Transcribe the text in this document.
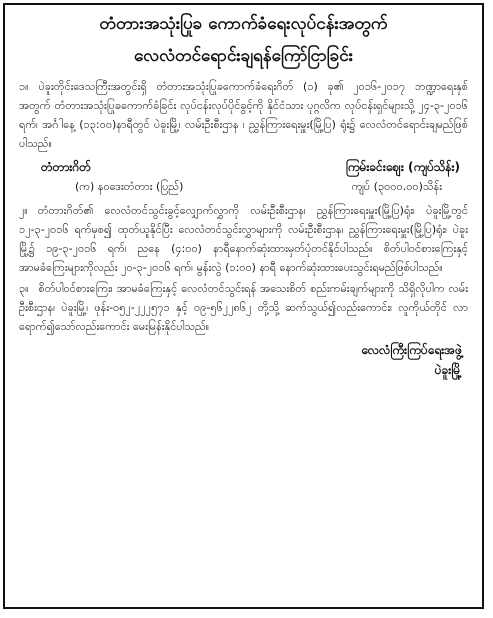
တံတားအသုံးပြုခ ကောက်ခံရေးလုပ်ငန်းအတွက်
လေလံတင်ရောင်းချရန်ကြော်ငြာခြင်း

၁။ ပဲခူးတိုင်းဒေသကြီးအတွင်းရှိ တံတားအသုံးပြုခကောက်ခံရေးဂိတ် (၁) ခု၏ ၂၀၁၆-၂၀၁၇ ဘဏ္ဍာရေးနှစ်အတွက် တံတားအသုံးပြုခကောက်ခံခြင်း လုပ်ငန်းလုပ်ပိုင်ခွင့်ကို နိုင်ငံသား ပုဂ္ဂလိက လုပ်ငန်းရှင်များသို့ ၂၄-၃-၂၀၁၆ ရက်၊ အင်္ဂါနေ့ (၁၃:၀၀)နာရီတွင် ပဲခူးမြို့၊ လမ်းဦးစီးဌာန ၊ ညွှန်ကြားရေးမှူး(မြို့ပြ) ရုံး၌ လေလံတင်ရောင်းချမည်ဖြစ်ပါသည်။

တံတားဂိတ်	ကြမ်းခင်းဈေး (ကျပ်သိန်း)
(က) နဝဒေးတံတား (ပြည်)	ကျပ် (၃၀၀၀.၀၀)သိန်း

၂။ တံတားဂိတ်၏ လေလံတင်သွင်းခွင့်လျှောက်လွှာကို လမ်းဦးစီးဌာန၊ ညွှန်ကြားရေးမှူး(မြို့ပြ)ရုံး၊ ပဲခူးမြို့တွင် ၁၂-၃-၂၀၁၆ ရက်မှစ၍ ထုတ်ယူနိုင်ပြီး လေလံတင်သွင်းလွှာများကို လမ်းဦးစီးဌာန၊ ညွှန်ကြားရေးမှူး(မြို့ပြ)ရုံး၊ ပဲခူးမြို့၌ ၁၉-၃-၂၀၁၆ ရက်၊ ညနေ (၄:၀၀) နာရီနောက်ဆုံးထားမှတ်ပုံတင်နိုင်ပါသည်။ စိတ်ပါဝင်စားကြေးနှင့် အာမခံကြေးများကိုလည်း ၂၀-၃-၂၀၁၆ ရက်၊ မွန်းလွဲ (၁:၀၀) နာရီ နောက်ဆုံးထားပေးသွင်းရမည်ဖြစ်ပါသည်။

၃။ စိတ်ပါဝင်စားကြေး၊ အာမခံကြေးနှင့် လေလံတင်သွင်းရန် အသေးစိတ် စည်းကမ်းချက်များကို သိရှိလိုပါက လမ်းဦးစီးဌာန၊ ပဲခူးမြို့၊ ဖုန်း-၀၅၂-၂၂၂၅၇၁ နှင့် ၀၉-၅၆၂၂၈၆၂ တို့သို့ ဆက်သွယ်၍လည်းကောင်း၊ လူကိုယ်တိုင် လာရောက်၍သော်လည်းကောင်း မေးမြန်းနိုင်ပါသည်။

လေလံကြီးကြပ်ရေးအဖွဲ့
ပဲခူးမြို့
